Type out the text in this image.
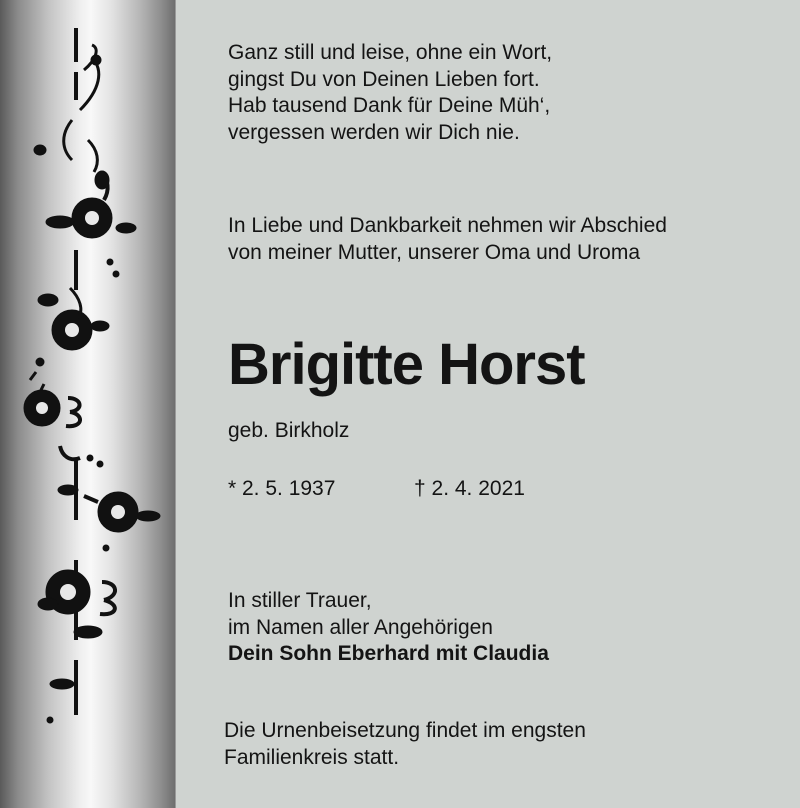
Ganz still und leise, ohne ein Wort,
gingst Du von Deinen Lieben fort.
Hab tausend Dank für Deine Müh‘,
vergessen werden wir Dich nie.
In Liebe und Dankbarkeit nehmen wir Abschied
von meiner Mutter, unserer Oma und Uroma
Brigitte Horst
geb. Birkholz
* 2. 5. 1937	† 2. 4. 2021
In stiller Trauer,
im Namen aller Angehörigen
Dein Sohn Eberhard mit Claudia
Die Urnenbeisetzung findet im engsten
Familienkreis statt.
